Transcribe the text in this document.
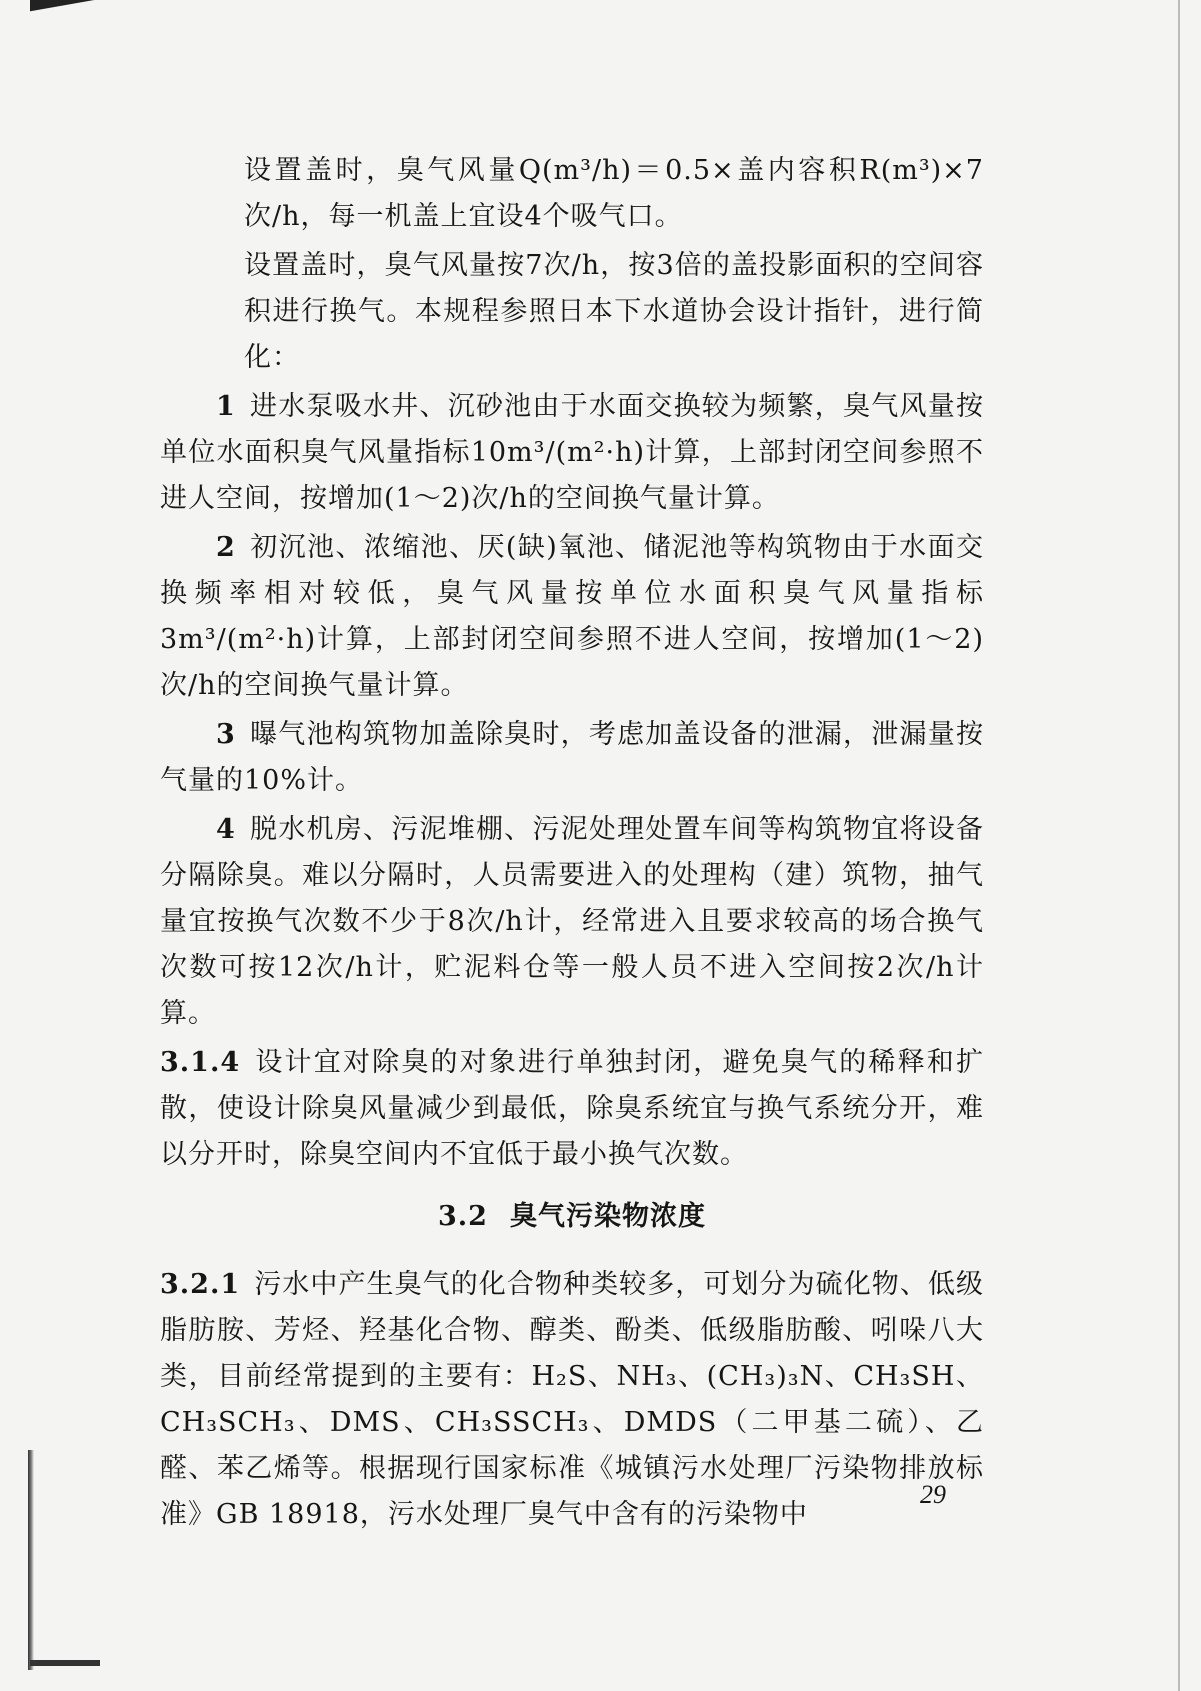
设置盖时，臭气风量Q(m³/h)＝0.5×盖内容积R(m³)×7次/h，每一机盖上宜设4个吸气口。

设置盖时，臭气风量按7次/h，按3倍的盖投影面积的空间容积进行换气。本规程参照日本下水道协会设计指针，进行简化：

1 进水泵吸水井、沉砂池由于水面交换较为频繁，臭气风量按单位水面积臭气风量指标10m³/(m²·h)计算，上部封闭空间参照不进人空间，按增加(1～2)次/h的空间换气量计算。

2 初沉池、浓缩池、厌(缺)氧池、储泥池等构筑物由于水面交换频率相对较低，臭气风量按单位水面积臭气风量指标3m³/(m²·h)计算，上部封闭空间参照不进人空间，按增加(1～2)次/h的空间换气量计算。

3 曝气池构筑物加盖除臭时，考虑加盖设备的泄漏，泄漏量按气量的10%计。

4 脱水机房、污泥堆棚、污泥处理处置车间等构筑物宜将设备分隔除臭。难以分隔时，人员需要进入的处理构（建）筑物，抽气量宜按换气次数不少于8次/h计，经常进入且要求较高的场合换气次数可按12次/h计，贮泥料仓等一般人员不进入空间按2次/h计算。

3.1.4 设计宜对除臭的对象进行单独封闭，避免臭气的稀释和扩散，使设计除臭风量减少到最低，除臭系统宜与换气系统分开，难以分开时，除臭空间内不宜低于最小换气次数。

3.2 臭气污染物浓度

3.2.1 污水中产生臭气的化合物种类较多，可划分为硫化物、低级脂肪胺、芳烃、羟基化合物、醇类、酚类、低级脂肪酸、吲哚八大类，目前经常提到的主要有：H₂S、NH₃、(CH₃)₃N、CH₃SH、CH₃SCH₃、DMS、CH₃SSCH₃、DMDS（二甲基二硫）、乙醛、苯乙烯等。根据现行国家标准《城镇污水处理厂污染物排放标准》GB 18918，污水处理厂臭气中含有的污染物中

29
